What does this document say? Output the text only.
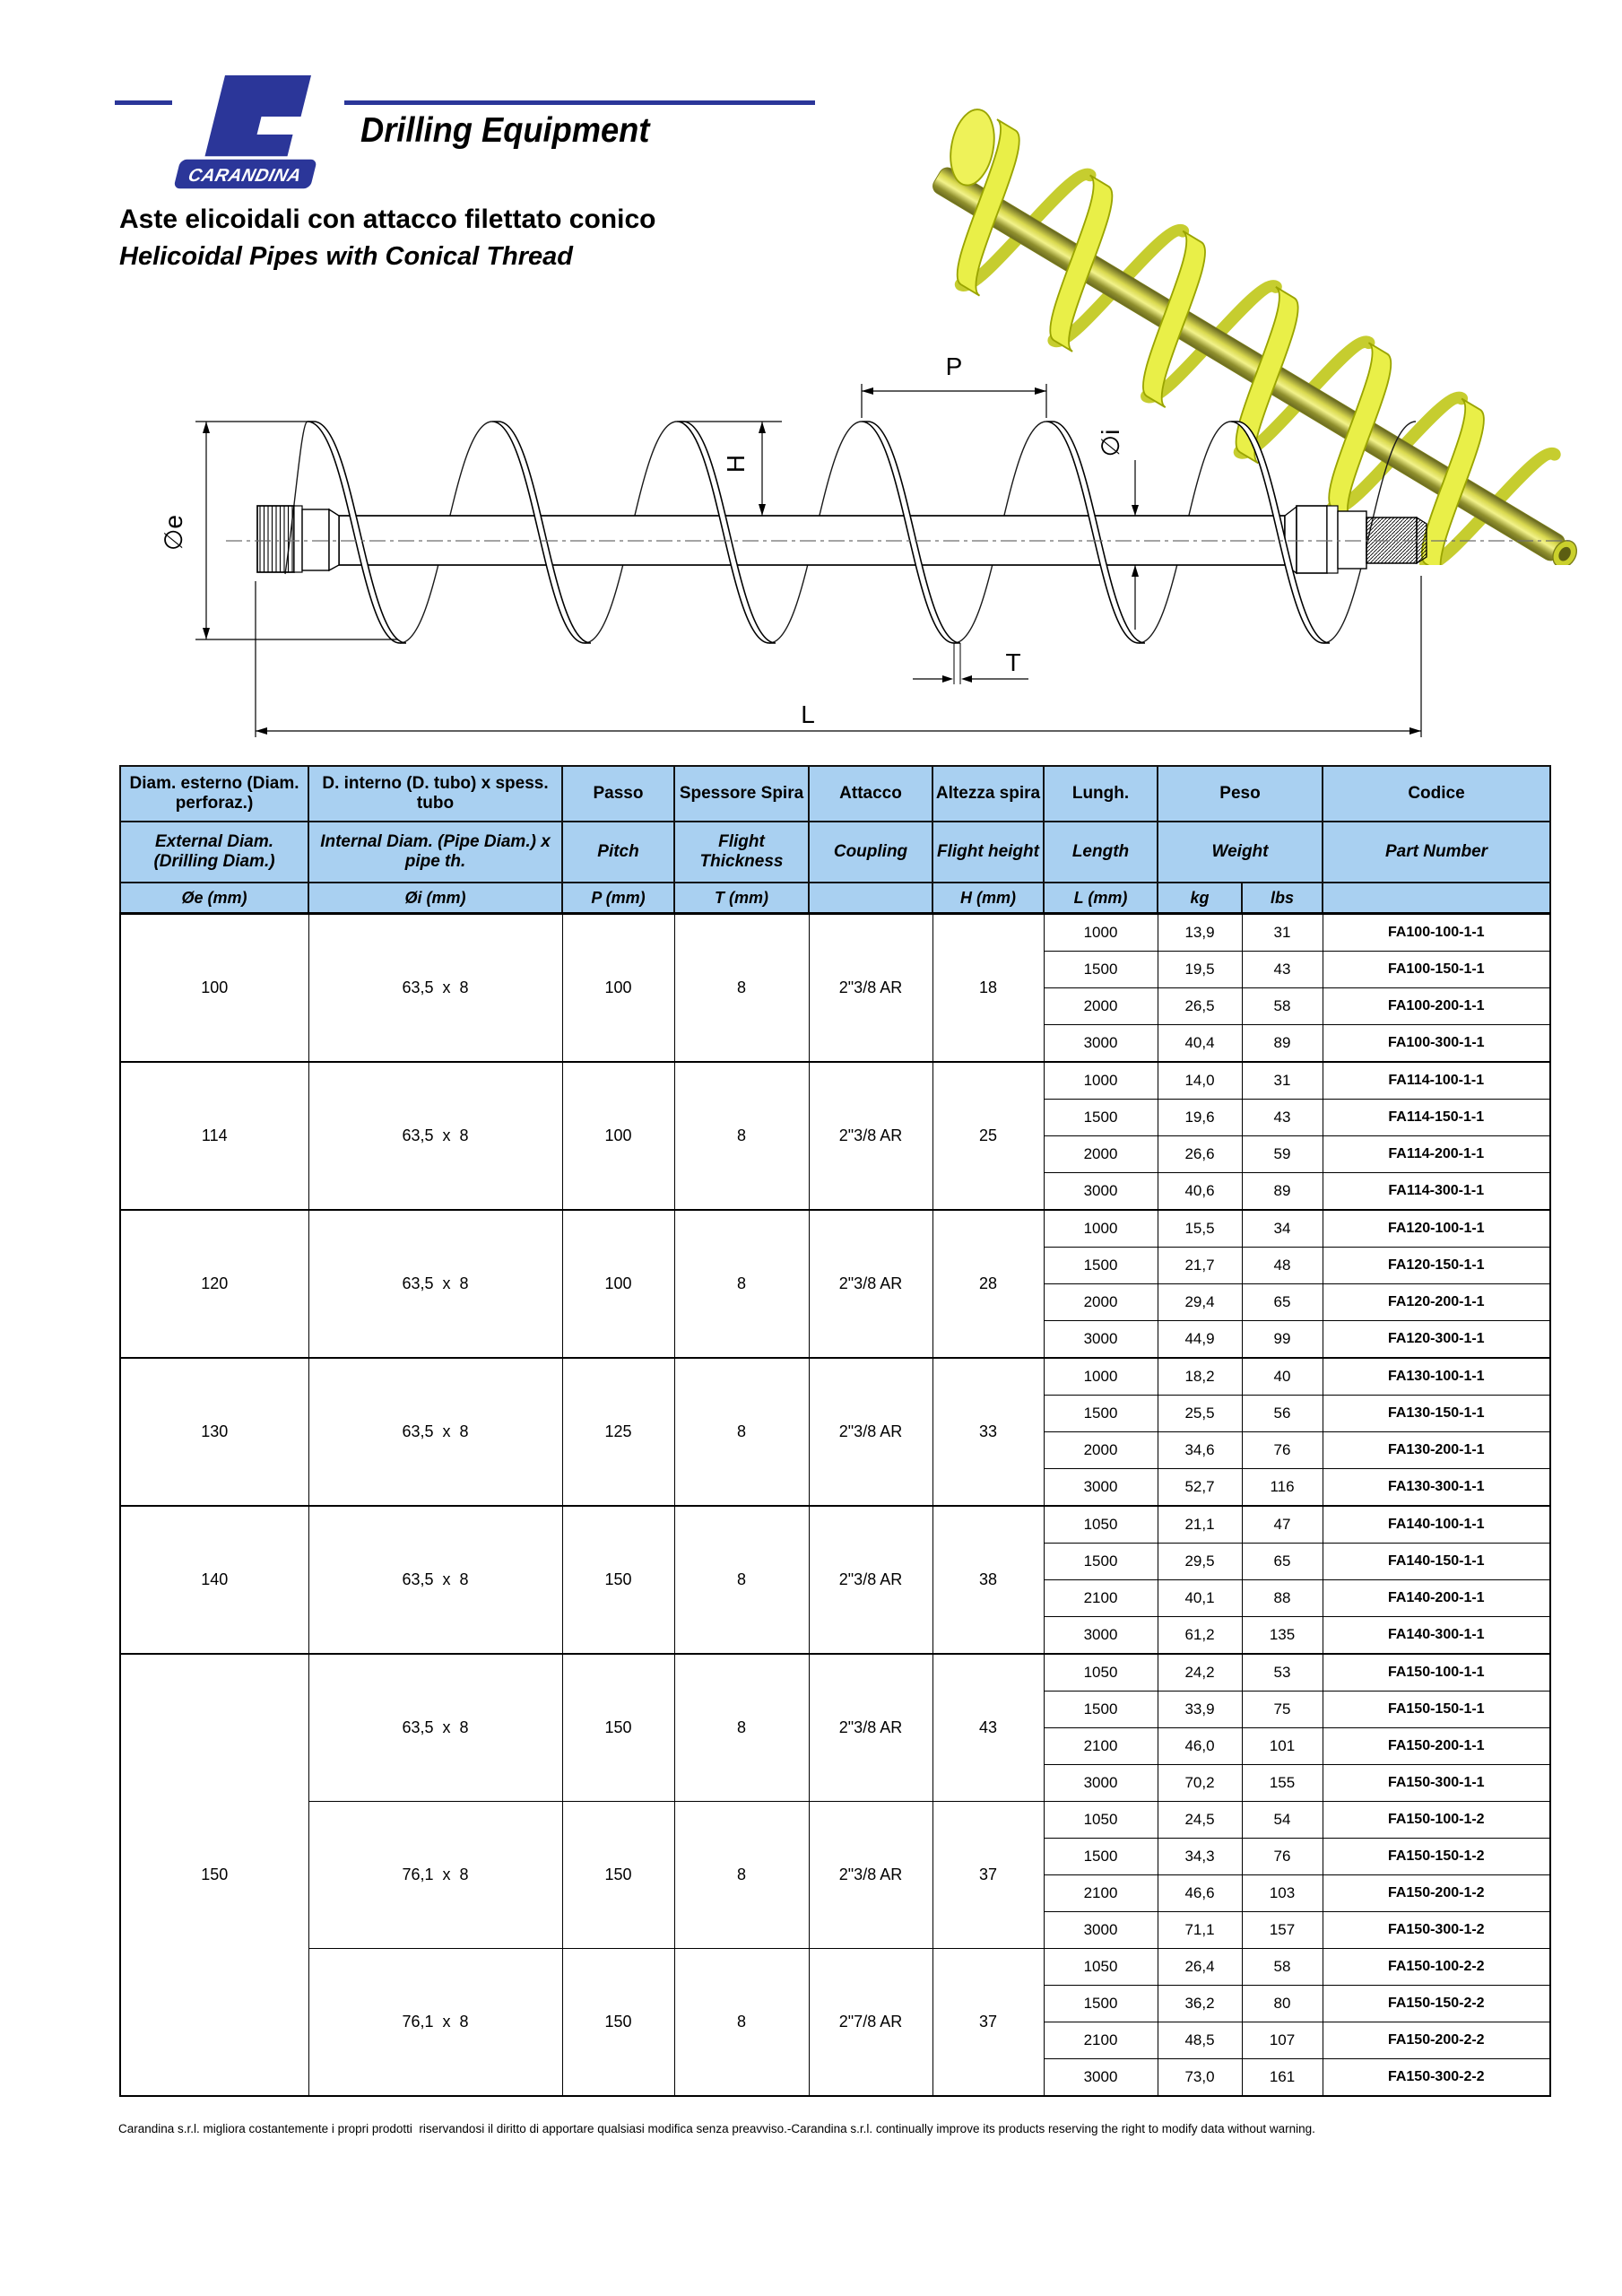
CARANDINA
Drilling Equipment
Aste elicoidali con attacco filettato conico
Helicoidal Pipes with Conical Thread
P
H
∅i
∅e
T
L
Diam. esterno (Diam. perforaz.)	D. interno (D. tubo) x spess. tubo	Passo	Spessore Spira	Attacco	Altezza spira	Lungh.	Peso		Codice
External Diam. (Drilling Diam.)	Internal Diam. (Pipe Diam.) x pipe th.	Pitch	Flight Thickness	Coupling	Flight height	Length	Weight		Part Number
Øe (mm)	Øi (mm)	P (mm)	T (mm)		H (mm)	L (mm)	kg	lbs	
100	63,5  x  8	100	8	2"3/8 AR	18	1000	13,9	31	FA100-100-1-1
						1500	19,5	43	FA100-150-1-1
						2000	26,5	58	FA100-200-1-1
						3000	40,4	89	FA100-300-1-1
114	63,5  x  8	100	8	2"3/8 AR	25	1000	14,0	31	FA114-100-1-1
						1500	19,6	43	FA114-150-1-1
						2000	26,6	59	FA114-200-1-1
						3000	40,6	89	FA114-300-1-1
120	63,5  x  8	100	8	2"3/8 AR	28	1000	15,5	34	FA120-100-1-1
						1500	21,7	48	FA120-150-1-1
						2000	29,4	65	FA120-200-1-1
						3000	44,9	99	FA120-300-1-1
130	63,5  x  8	125	8	2"3/8 AR	33	1000	18,2	40	FA130-100-1-1
						1500	25,5	56	FA130-150-1-1
						2000	34,6	76	FA130-200-1-1
						3000	52,7	116	FA130-300-1-1
140	63,5  x  8	150	8	2"3/8 AR	38	1050	21,1	47	FA140-100-1-1
						1500	29,5	65	FA140-150-1-1
						2100	40,1	88	FA140-200-1-1
						3000	61,2	135	FA140-300-1-1
150	63,5  x  8	150	8	2"3/8 AR	43	1050	24,2	53	FA150-100-1-1
						1500	33,9	75	FA150-150-1-1
						2100	46,0	101	FA150-200-1-1
						3000	70,2	155	FA150-300-1-1
	76,1  x  8	150	8	2"3/8 AR	37	1050	24,5	54	FA150-100-1-2
						1500	34,3	76	FA150-150-1-2
						2100	46,6	103	FA150-200-1-2
						3000	71,1	157	FA150-300-1-2
	76,1  x  8	150	8	2"7/8 AR	37	1050	26,4	58	FA150-100-2-2
						1500	36,2	80	FA150-150-2-2
						2100	48,5	107	FA150-200-2-2
						3000	73,0	161	FA150-300-2-2
Carandina s.r.l. migliora costantemente i propri prodotti  riservandosi il diritto di apportare qualsiasi modifica senza preavviso.-Carandina s.r.l. continually improve its products reserving the right to modify data without warning.
